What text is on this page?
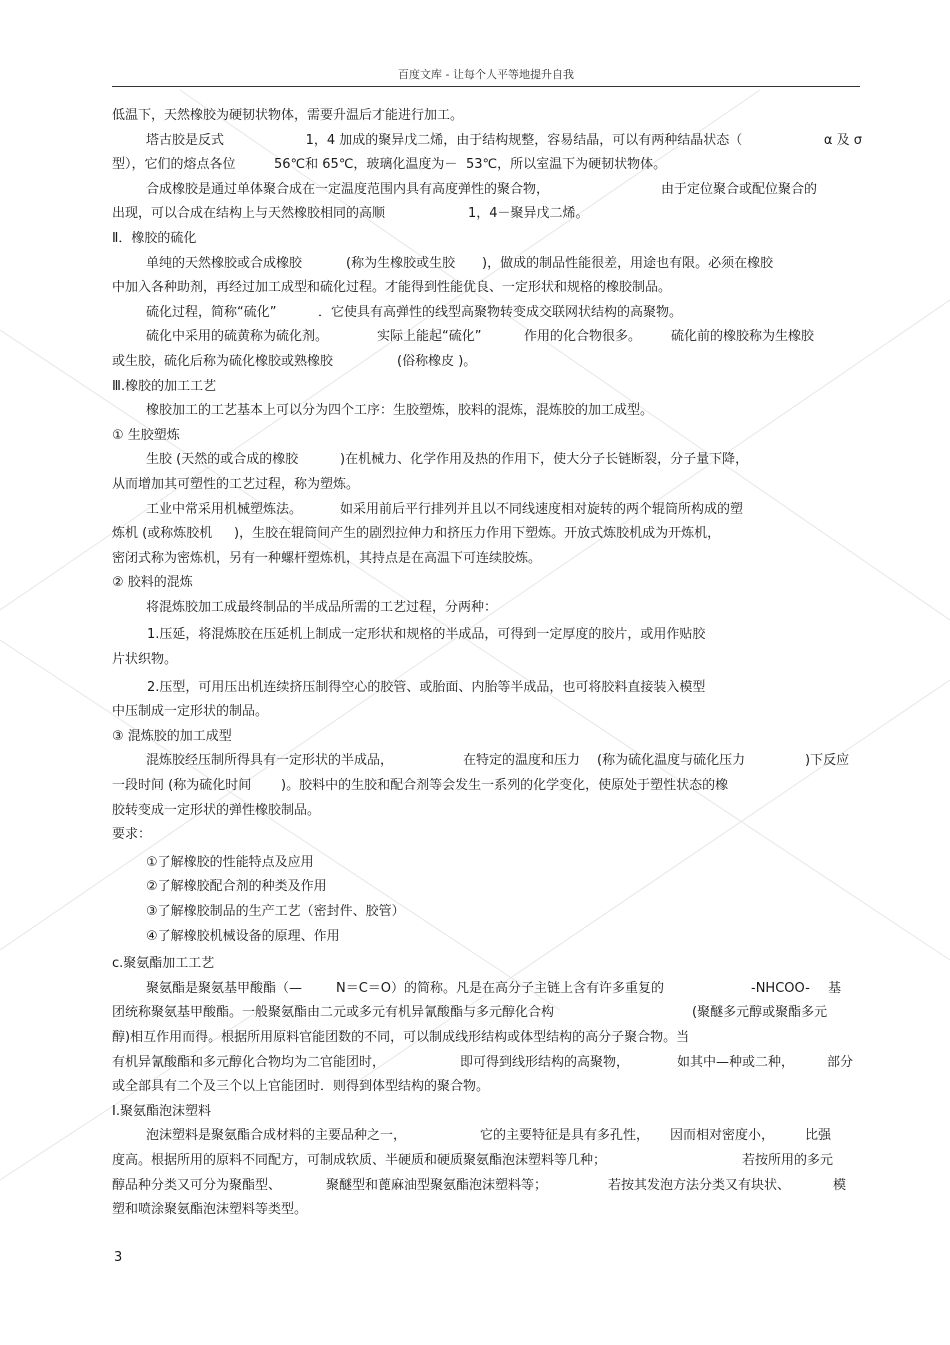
百度文库 - 让每个人平等地提升自我
低温下，天然橡胶为硬韧状物体，需要升温后才能进行加工。
塔古胶是反式	1，4 加成的聚异戊二烯，由于结构规整，容易结晶，可以有两种结晶状态（	α 及 σ
型），它们的熔点各位	56℃和 65℃，玻璃化温度为－ 53℃，所以室温下为硬韧状物体。
合成橡胶是通过单体聚合成在一定温度范围内具有高度弹性的聚合物，	由于定位聚合或配位聚合的
出现，可以合成在结构上与天然橡胶相同的高顺	1，4－聚异戊二烯。
Ⅱ．橡胶的硫化
单纯的天然橡胶或合成橡胶	(称为生橡胶或生胶	)，做成的制品性能很差，用途也有限。必须在橡胶
中加入各种助剂，再经过加工成型和硫化过程。才能得到性能优良、一定形状和规格的橡胶制品。
硫化过程，简称“硫化”	．它使具有高弹性的线型高聚物转变成交联网状结构的高聚物。
硫化中采用的硫黄称为硫化剂。	实际上能起“硫化”	作用的化合物很多。	硫化前的橡胶称为生橡胶
或生胶，硫化后称为硫化橡胶或熟橡胶	(俗称橡皮 )。
Ⅲ.橡胶的加工工艺
橡胶加工的工艺基本上可以分为四个工序：生胶塑炼，胶料的混炼，混炼胶的加工成型。
① 生胶塑炼
生胶 (天然的或合成的橡胶	)在机械力、化学作用及热的作用下，使大分子长链断裂，分子量下降，
从而增加其可塑性的工艺过程，称为塑炼。
工业中常采用机械塑炼法。	如采用前后平行排列并且以不同线速度相对旋转的两个辊筒所构成的塑
炼机 (或称炼胶机	)，生胶在辊筒间产生的剧烈拉伸力和挤压力作用下塑炼。开放式炼胶机成为开炼机，
密闭式称为密炼机，另有一种螺杆塑炼机，其持点是在高温下可连续胶炼。
② 胶料的混炼
将混炼胶加工成最终制品的半成品所需的工艺过程，分两种：
1.压延，将混炼胶在压延机上制成一定形状和规格的半成品，可得到一定厚度的胶片，或用作贴胶
片状织物。
2.压型，可用压出机连续挤压制得空心的胶管、或胎面、内胎等半成品，也可将胶料直接装入模型
中压制成一定形状的制品。
③ 混炼胶的加工成型
混炼胶经压制所得具有一定形状的半成品，	在特定的温度和压力	(称为硫化温度与硫化压力	)下反应
一段时间 (称为硫化时间	)。胶料中的生胶和配合剂等会发生一系列的化学变化，使原处于塑性状态的橡
胶转变成一定形状的弹性橡胶制品。
要求：
①了解橡胶的性能特点及应用
②了解橡胶配合剂的种类及作用
③了解橡胶制品的生产工艺（密封件、胶管）
④了解橡胶机械设备的原理、作用
c.聚氨酯加工工艺
聚氨酯是聚氨基甲酸酯（—	N＝C＝O）的简称。凡是在高分子主链上含有许多重复的	-NHCOO-	基
团统称聚氨基甲酸酯。一般聚氨酯由二元或多元有机异氰酸酯与多元醇化合构	(聚醚多元醇或聚酯多元
醇)相互作用而得。根据所用原料官能团数的不同，可以制成线形结构或体型结构的高分子聚合物。当
有机异氰酸酯和多元醇化合物均为二官能团时，	即可得到线形结构的高聚物，	如其中—种或二种，	部分
或全部具有二个及三个以上官能团时．则得到体型结构的聚合物。
Ⅰ.聚氨酯泡沫塑料
泡沫塑料是聚氨酯合成材料的主要品种之一，	它的主要特征是具有多孔性，	因而相对密度小，	比强
度高。根据所用的原料不同配方，可制成软质、半硬质和硬质聚氨酯泡沫塑料等几种；	若按所用的多元
醇品种分类又可分为聚酯型、	聚醚型和蓖麻油型聚氨酯泡沫塑料等；	若按其发泡方法分类又有块状、	模
塑和喷涂聚氨酯泡沫塑料等类型。
3
